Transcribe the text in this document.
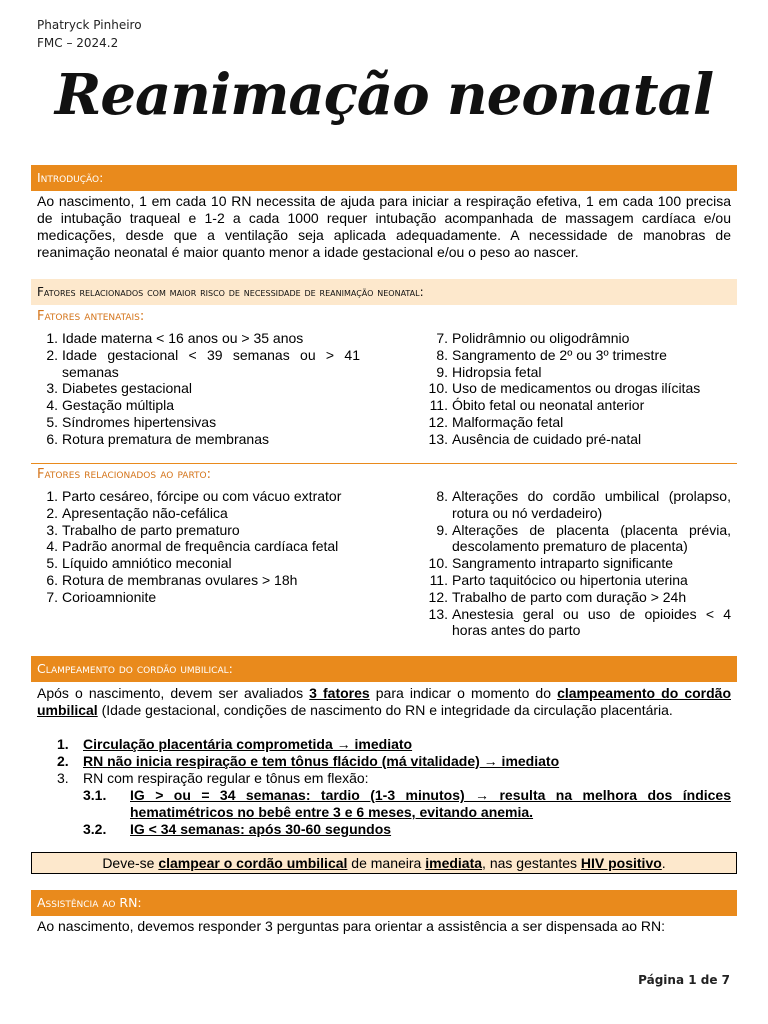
Phatryck Pinheiro
FMC – 2024.2
Reanimação neonatal
Introdução:
Ao nascimento, 1 em cada 10 RN necessita de ajuda para iniciar a respiração efetiva, 1 em cada 100 precisa de intubação traqueal e 1-2 a cada 1000 requer intubação acompanhada de massagem cardíaca e/ou medicações, desde que a ventilação seja aplicada adequadamente. A necessidade de manobras de reanimação neonatal é maior quanto menor a idade gestacional e/ou o peso ao nascer.
Fatores relacionados com maior risco de necessidade de reanimação neonatal:
Fatores antenatais:
1. Idade materna < 16 anos ou > 35 anos
2. Idade gestacional < 39 semanas ou > 41 semanas
3. Diabetes gestacional
4. Gestação múltipla
5. Síndromes hipertensivas
6. Rotura prematura de membranas
7. Polidrâmnio ou oligodrâmnio
8. Sangramento de 2º ou 3º trimestre
9. Hidropsia fetal
10. Uso de medicamentos ou drogas ilícitas
11. Óbito fetal ou neonatal anterior
12. Malformação fetal
13. Ausência de cuidado pré-natal
Fatores relacionados ao parto:
1. Parto cesáreo, fórcipe ou com vácuo extrator
2. Apresentação não-cefálica
3. Trabalho de parto prematuro
4. Padrão anormal de frequência cardíaca fetal
5. Líquido amniótico meconial
6. Rotura de membranas ovulares > 18h
7. Corioamnionite
8. Alterações do cordão umbilical (prolapso, rotura ou nó verdadeiro)
9. Alterações de placenta (placenta prévia, descolamento prematuro de placenta)
10. Sangramento intraparto significante
11. Parto taquitócico ou hipertonia uterina
12. Trabalho de parto com duração > 24h
13. Anestesia geral ou uso de opioides < 4 horas antes do parto
Clampeamento do cordão umbilical:
Após o nascimento, devem ser avaliados 3 fatores para indicar o momento do clampeamento do cordão umbilical (Idade gestacional, condições de nascimento do RN e integridade da circulação placentária.
1. Circulação placentária comprometida → imediato
2. RN não inicia respiração e tem tônus flácido (má vitalidade) → imediato
3. RN com respiração regular e tônus em flexão:
3.1. IG > ou = 34 semanas: tardio (1-3 minutos) → resulta na melhora dos índices hematimétricos no bebê entre 3 e 6 meses, evitando anemia.
3.2. IG < 34 semanas: após 30-60 segundos
Deve-se clampear o cordão umbilical de maneira imediata, nas gestantes HIV positivo.
Assistência ao RN:
Ao nascimento, devemos responder 3 perguntas para orientar a assistência a ser dispensada ao RN:
Página 1 de 7
